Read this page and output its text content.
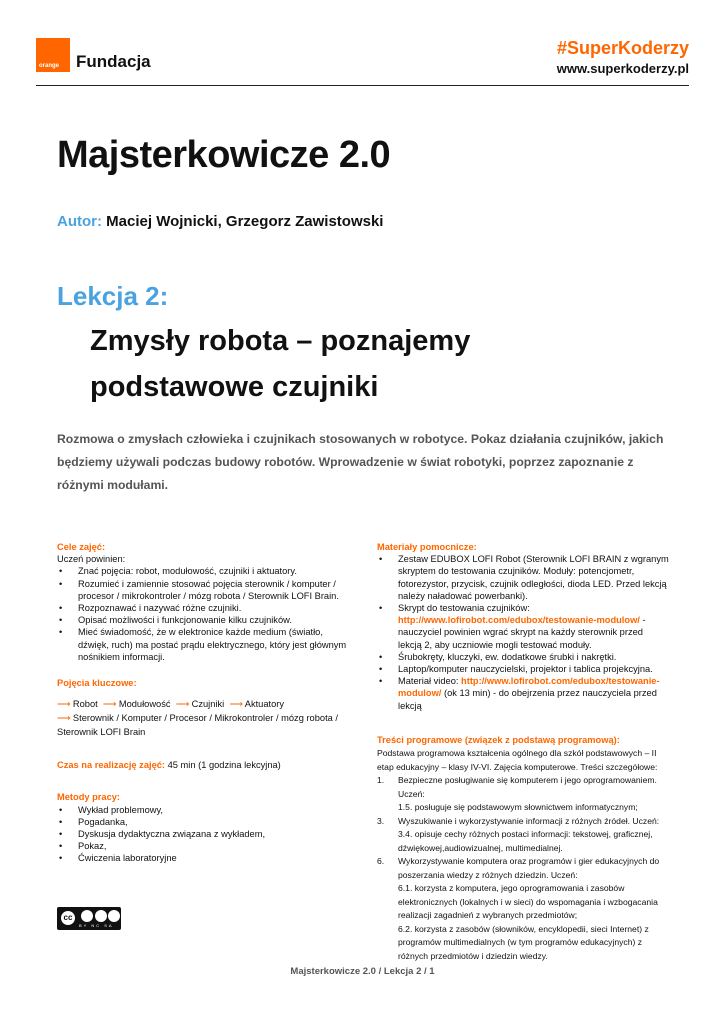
orange Fundacja
#SuperKoderzy
www.superkoderzy.pl
Majsterkowicze 2.0
Autor: Maciej Wojnicki, Grzegorz Zawistowski
Lekcja 2:
Zmysły robota – poznajemy podstawowe czujniki

Rozmowa o zmysłach człowieka i czujnikach stosowanych w robotyce. Pokaz działania czujników, jakich będziemy używali podczas budowy robotów. Wprowadzenie w świat robotyki, poprzez zapoznanie z różnymi modułami.

Cele zajęć:
Uczeń powinien:
• Znać pojęcia: robot, modułowość, czujniki i aktuatory.
• Rozumieć i zamiennie stosować pojęcia sterownik / komputer / procesor / mikrokontroler / mózg robota / Sterownik LOFI Brain.
• Rozpoznawać i nazywać różne czujniki.
• Opisać możliwości i funkcjonowanie kilku czujników.
• Mieć świadomość, że w elektronice każde medium (światło, dźwięk, ruch) ma postać prądu elektrycznego, który jest głównym nośnikiem informacji.
Pojęcia kluczowe:
⟶ Robot ⟶ Modułowość ⟶ Czujniki ⟶ Aktuatory
⟶ Sterownik / Komputer / Procesor / Mikrokontroler / mózg robota / Sterownik LOFI Brain
Czas na realizację zajęć: 45 min (1 godzina lekcyjna)
Metody pracy:
• Wykład problemowy,
• Pogadanka,
• Dyskusja dydaktyczna związana z wykładem,
• Pokaz,
• Ćwiczenia laboratoryjne
cc
BY NC SA
Materiały pomocnicze:
• Zestaw EDUBOX LOFI Robot (Sterownik LOFI BRAIN z wgranym skryptem do testowania czujników. Moduły: potencjometr, fotorezystor, przycisk, czujnik odległości, dioda LED. Przed lekcją należy naładować powerbanki).
• Skrypt do testowania czujników:
http://www.lofirobot.com/edubox/testowanie-modulow/ - nauczyciel powinien wgrać skrypt na każdy sterownik przed lekcją 2, aby uczniowie mogli testować moduły.
• Śrubokręty, kluczyki, ew. dodatkowe śrubki i nakrętki.
• Laptop/komputer nauczycielski, projektor i tablica projekcyjna.
• Materiał video: http://www.lofirobot.com/edubox/testowanie-modulow/ (ok 13 min) - do obejrzenia przez nauczyciela przed lekcją
Treści programowe (związek z podstawą programową):
Podstawa programowa kształcenia ogólnego dla szkół podstawowych – II etap edukacyjny – klasy IV-VI. Zajęcia komputerowe. Treści szczegółowe:
1. Bezpieczne posługiwanie się komputerem i jego oprogramowaniem. Uczeń:
1.5. posługuje się podstawowym słownictwem informatycznym;
3. Wyszukiwanie i wykorzystywanie informacji z różnych źródeł. Uczeń:
3.4. opisuje cechy różnych postaci informacji: tekstowej, graficznej, dźwiękowej,audiowizualnej, multimedialnej.
6. Wykorzystywanie komputera oraz programów i gier edukacyjnych do poszerzania wiedzy z różnych dziedzin. Uczeń:
6.1. korzysta z komputera, jego oprogramowania i zasobów elektronicznych (lokalnych i w sieci) do wspomagania i wzbogacania realizacji zagadnień z wybranych przedmiotów;
6.2. korzysta z zasobów (słowników, encyklopedii, sieci Internet) z programów multimedialnych (w tym programów edukacyjnych) z różnych przedmiotów i dziedzin wiedzy.
Majsterkowicze 2.0 / Lekcja 2 / 1
